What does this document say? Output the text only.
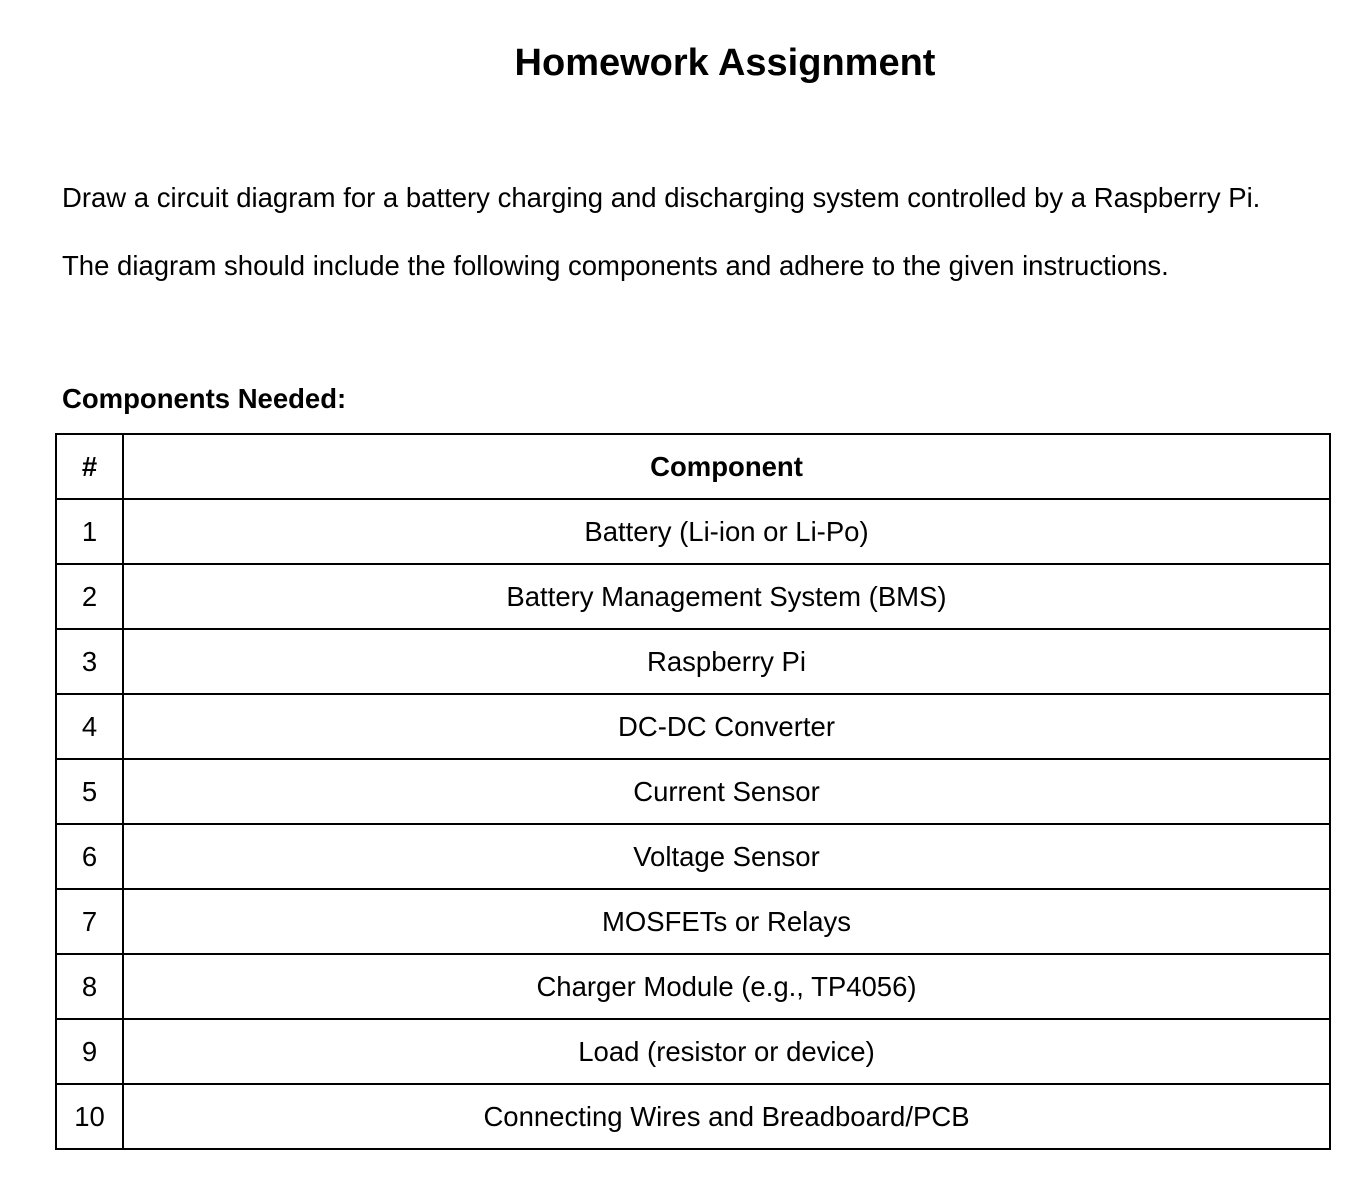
Homework Assignment

Draw a circuit diagram for a battery charging and discharging system controlled by a Raspberry Pi.

The diagram should include the following components and adhere to the given instructions.

Components Needed:
#	Component
1	Battery (Li-ion or Li-Po)
2	Battery Management System (BMS)
3	Raspberry Pi
4	DC-DC Converter
5	Current Sensor
6	Voltage Sensor
7	MOSFETs or Relays
8	Charger Module (e.g., TP4056)
9	Load (resistor or device)
10	Connecting Wires and Breadboard/PCB
